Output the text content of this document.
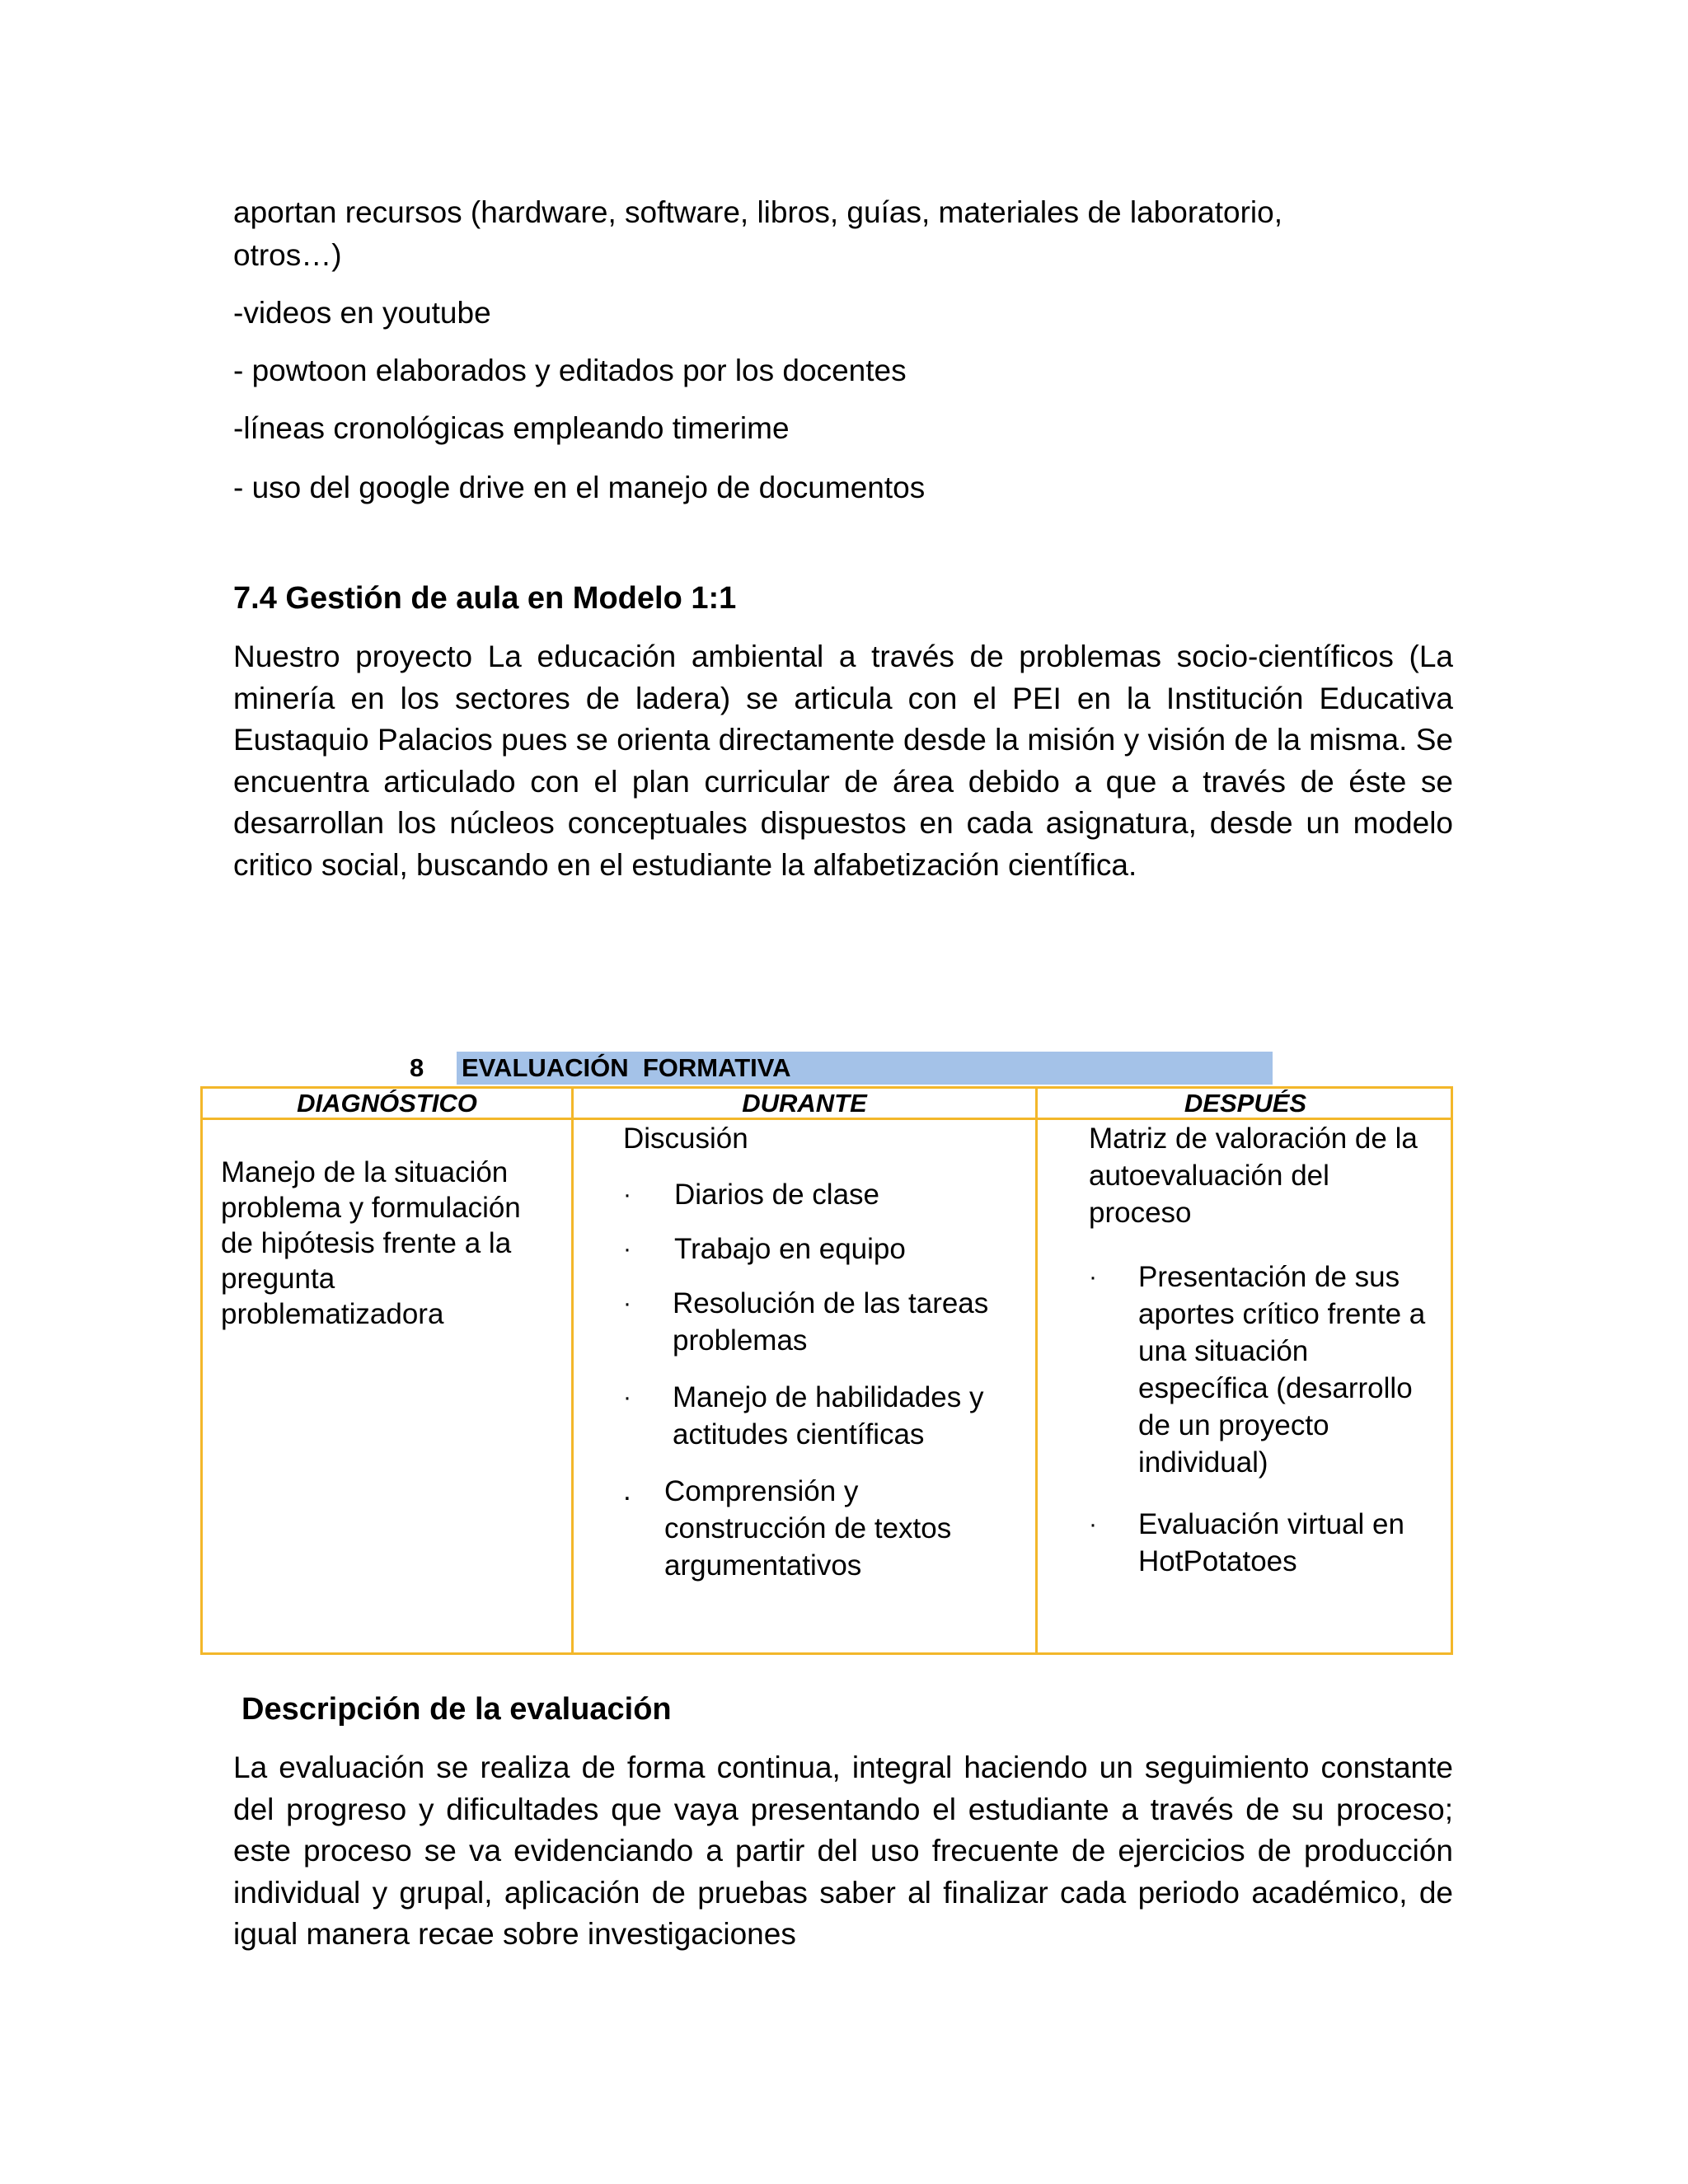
aportan recursos (hardware, software, libros, guías, materiales de laboratorio,
otros…)
-videos en youtube
- powtoon elaborados y editados por los docentes
-líneas cronológicas empleando timerime
- uso del google drive en el manejo de documentos
7.4 Gestión de aula en Modelo 1:1
Nuestro proyecto La educación ambiental a través de problemas socio-científicos (La minería en los sectores de ladera) se articula con el PEI en la Institución Educativa Eustaquio Palacios pues se orienta directamente desde la misión y visión de la misma. Se encuentra articulado con el plan curricular de área debido a que a través de éste se desarrollan los núcleos conceptuales dispuestos en cada asignatura, desde un modelo critico social, buscando en el estudiante la alfabetización científica.
8 EVALUACIÓN  FORMATIVA
DIAGNÓSTICO	DURANTE	DESPUÉS
Manejo de la situación problema y formulación de hipótesis frente a la pregunta problematizadora
Discusión
· Diarios de clase
· Trabajo en equipo
· Resolución de las tareas problemas
· Manejo de habilidades y actitudes científicas
. Comprensión y construcción de textos argumentativos
Matriz de valoración de la autoevaluación del proceso
· Presentación de sus aportes crítico frente a una situación específica (desarrollo de un proyecto individual)
· Evaluación virtual en HotPotatoes
Descripción de la evaluación
La evaluación se realiza de forma continua, integral haciendo un seguimiento constante del progreso y dificultades que vaya presentando el estudiante a través de su proceso; este proceso se va evidenciando a partir del uso frecuente de ejercicios de producción individual y grupal, aplicación de pruebas saber al finalizar cada periodo académico, de igual manera recae sobre investigaciones
